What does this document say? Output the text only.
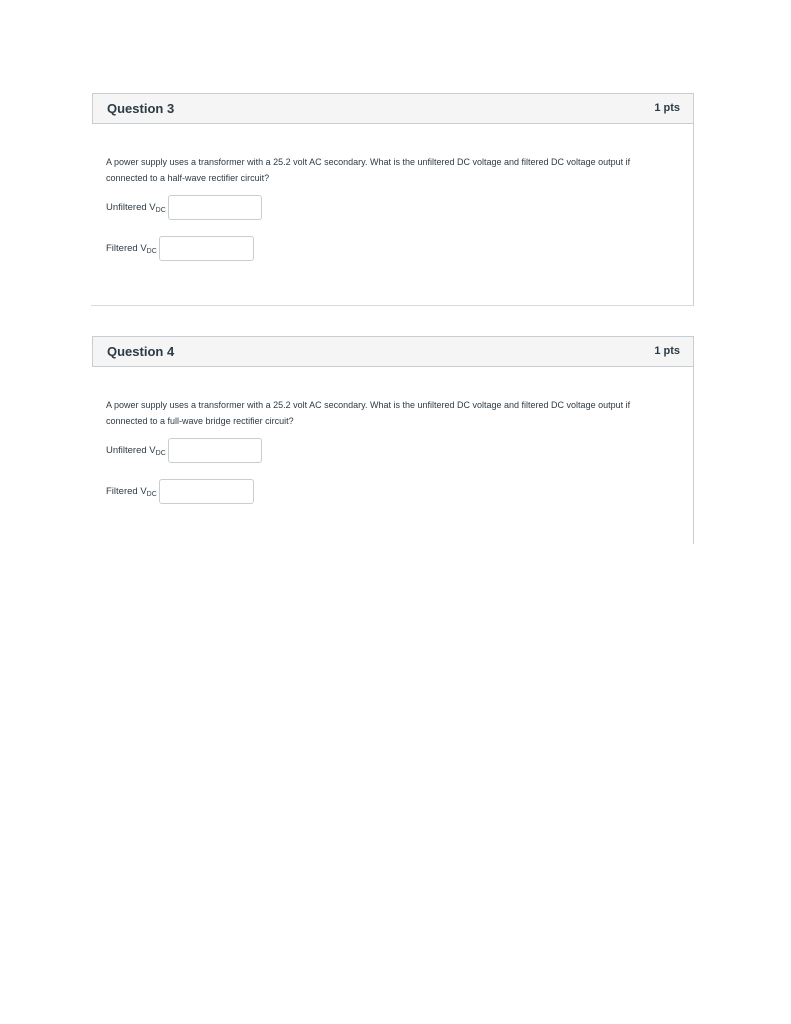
Question 3	1 pts
A power supply uses a transformer with a 25.2 volt AC secondary. What is the unfiltered DC voltage and filtered DC voltage output if connected to a half-wave rectifier circuit?
Unfiltered $V_{DC}$
Filtered $V_{DC}$
Question 4	1 pts
A power supply uses a transformer with a 25.2 volt AC secondary. What is the unfiltered DC voltage and filtered DC voltage output if connected to a full-wave bridge rectifier circuit?
Unfiltered $V_{DC}$
Filtered $V_{DC}$
